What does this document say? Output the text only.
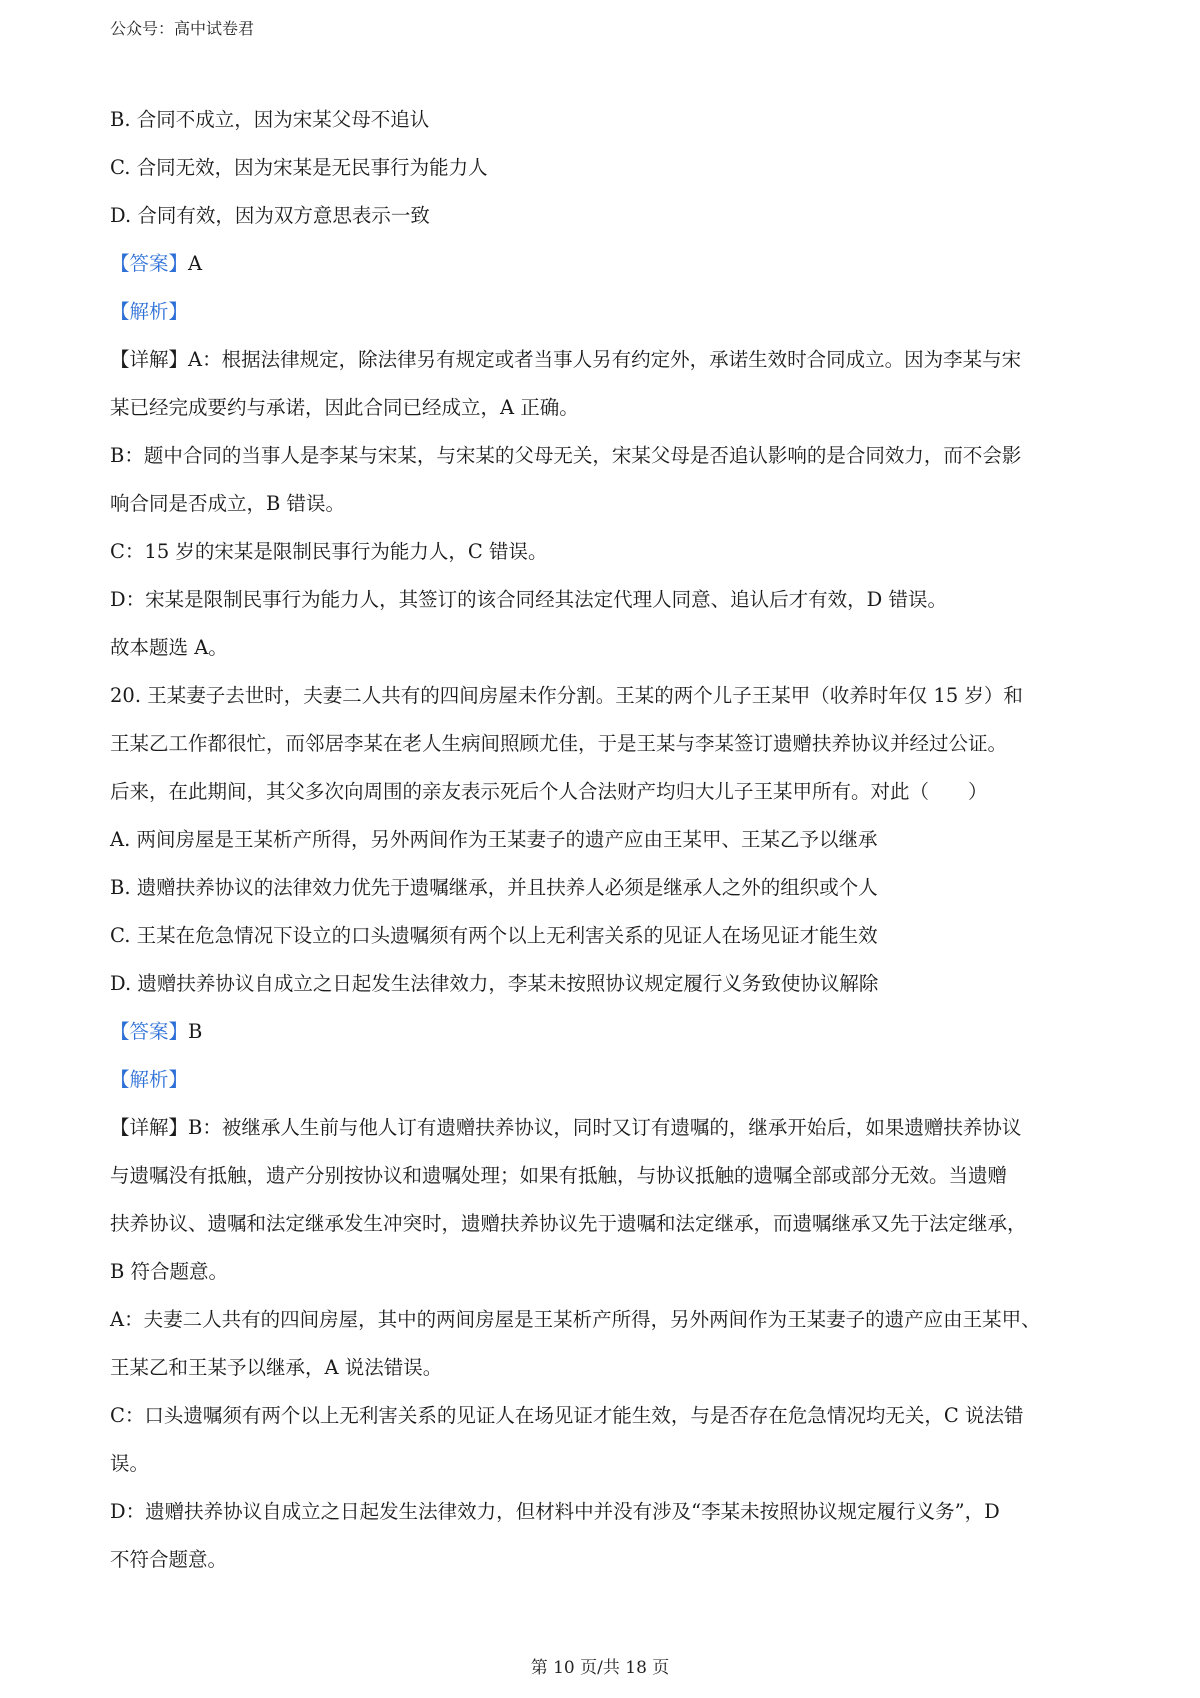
公众号：高中试卷君

B. 合同不成立，因为宋某父母不追认

C. 合同无效，因为宋某是无民事行为能力人

D. 合同有效，因为双方意思表示一致

【答案】A

【解析】

【详解】A：根据法律规定，除法律另有规定或者当事人另有约定外，承诺生效时合同成立。因为李某与宋

某已经完成要约与承诺，因此合同已经成立，A 正确。

B：题中合同的当事人是李某与宋某，与宋某的父母无关，宋某父母是否追认影响的是合同效力，而不会影

响合同是否成立，B 错误。

C：15 岁的宋某是限制民事行为能力人，C 错误。

D：宋某是限制民事行为能力人，其签订的该合同经其法定代理人同意、追认后才有效，D 错误。

故本题选 A。

20. 王某妻子去世时，夫妻二人共有的四间房屋未作分割。王某的两个儿子王某甲（收养时年仅 15 岁）和

王某乙工作都很忙，而邻居李某在老人生病间照顾尤佳，于是王某与李某签订遗赠扶养协议并经过公证。

后来，在此期间，其父多次向周围的亲友表示死后个人合法财产均归大儿子王某甲所有。对此（　　）

A. 两间房屋是王某析产所得，另外两间作为王某妻子的遗产应由王某甲、王某乙予以继承

B. 遗赠扶养协议的法律效力优先于遗嘱继承，并且扶养人必须是继承人之外的组织或个人

C. 王某在危急情况下设立的口头遗嘱须有两个以上无利害关系的见证人在场见证才能生效

D. 遗赠扶养协议自成立之日起发生法律效力，李某未按照协议规定履行义务致使协议解除

【答案】B

【解析】

【详解】B：被继承人生前与他人订有遗赠扶养协议，同时又订有遗嘱的，继承开始后，如果遗赠扶养协议

与遗嘱没有抵触，遗产分别按协议和遗嘱处理；如果有抵触，与协议抵触的遗嘱全部或部分无效。当遗赠

扶养协议、遗嘱和法定继承发生冲突时，遗赠扶养协议先于遗嘱和法定继承，而遗嘱继承又先于法定继承，

B 符合题意。

A：夫妻二人共有的四间房屋，其中的两间房屋是王某析产所得，另外两间作为王某妻子的遗产应由王某甲、

王某乙和王某予以继承，A 说法错误。

C：口头遗嘱须有两个以上无利害关系的见证人在场见证才能生效，与是否存在危急情况均无关，C 说法错

误。

D：遗赠扶养协议自成立之日起发生法律效力，但材料中并没有涉及“李某未按照协议规定履行义务”，D

不符合题意。

第 10 页/共 18 页
